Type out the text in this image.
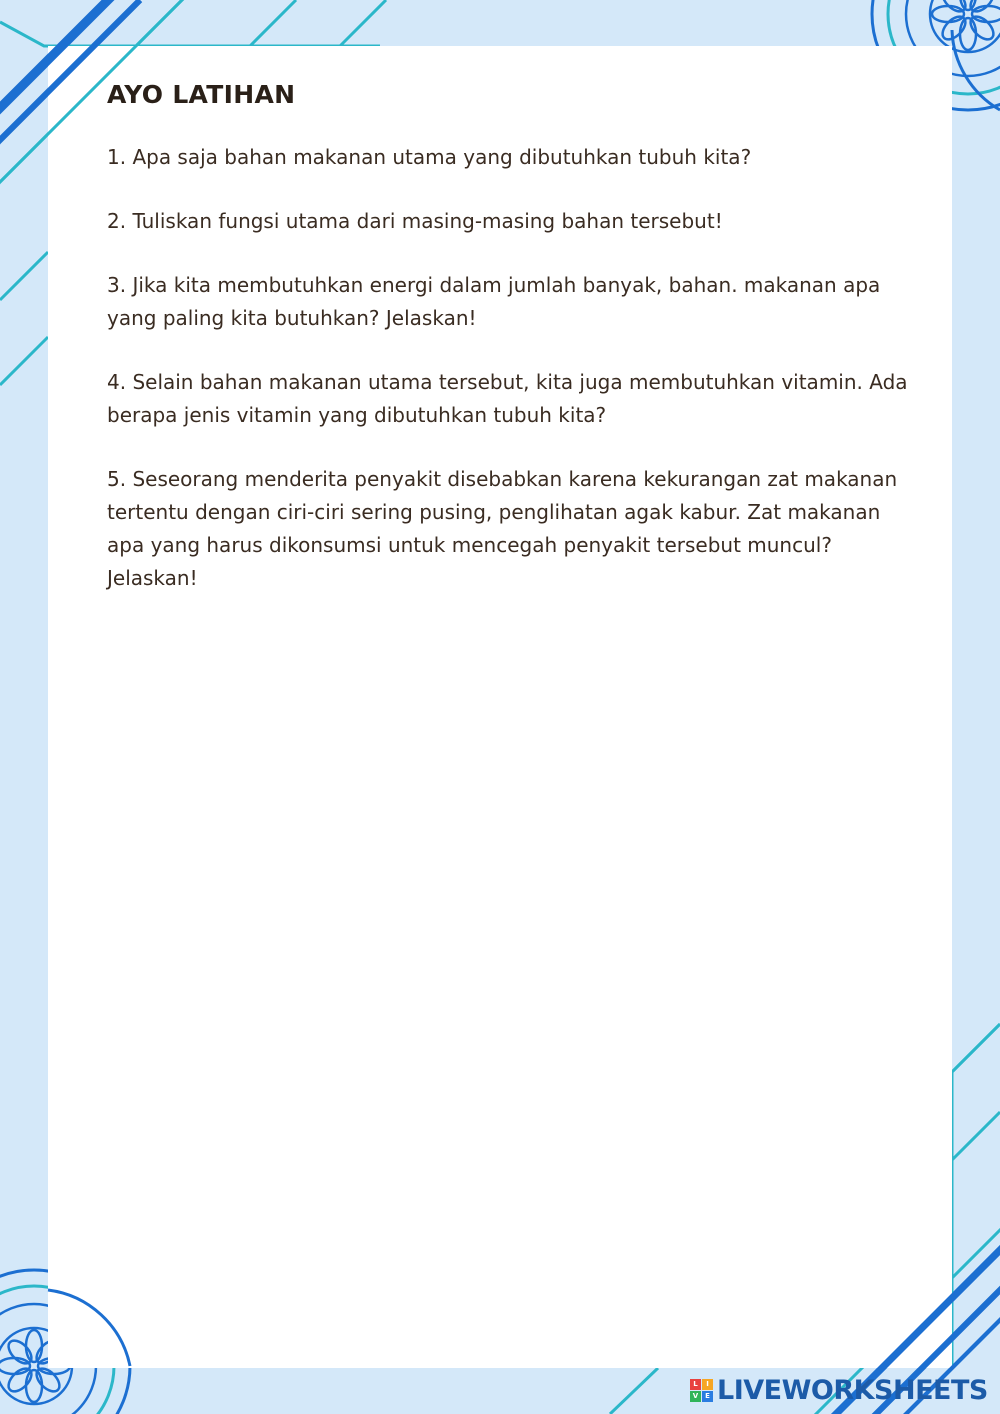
AYO LATIHAN

1. Apa saja bahan makanan utama yang dibutuhkan tubuh kita?

2. Tuliskan fungsi utama dari masing-masing bahan tersebut!

3. Jika kita membutuhkan energi dalam jumlah banyak, bahan. makanan apa yang paling kita butuhkan? Jelaskan!

4. Selain bahan makanan utama tersebut, kita juga membutuhkan vitamin. Ada berapa jenis vitamin yang dibutuhkan tubuh kita?

5. Seseorang menderita penyakit disebabkan karena kekurangan zat makanan tertentu dengan ciri-ciri sering pusing, penglihatan agak kabur. Zat makanan apa yang harus dikonsumsi untuk mencegah penyakit tersebut muncul? Jelaskan!

L	I
V E LIVEWORKSHEETS
